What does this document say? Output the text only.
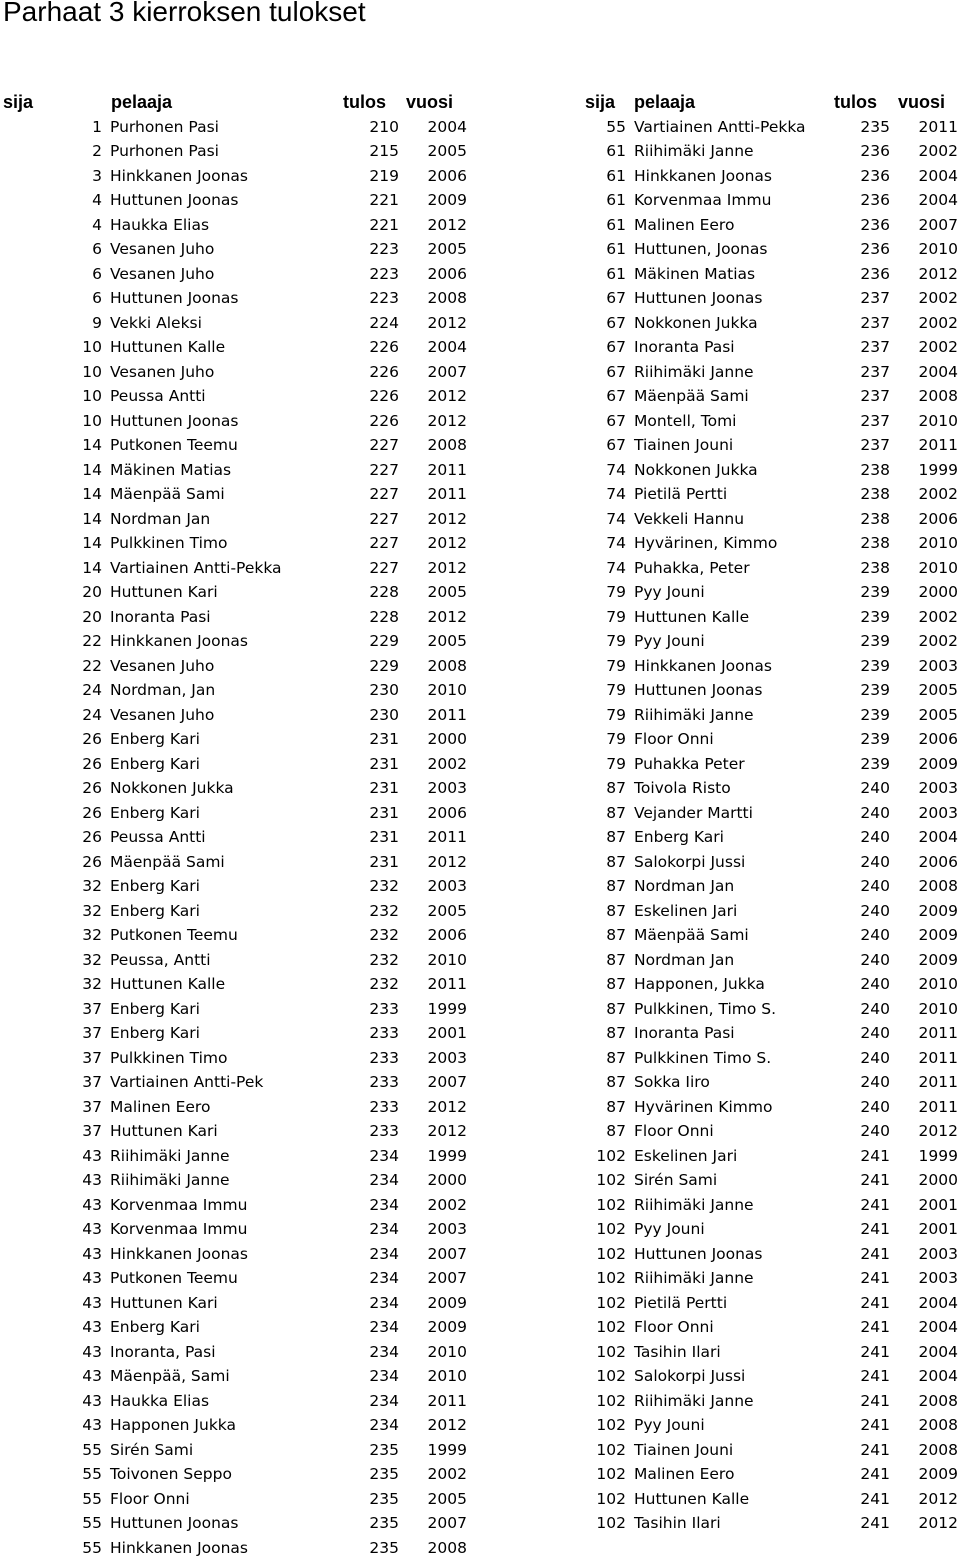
Parhaat 3 kierroksen tulokset
sija	pelaaja	tulos vuosi	sija pelaaja	tulos vuosi
1 Purhonen Pasi	210 2004
2 Purhonen Pasi	215 2005
3 Hinkkanen Joonas	219 2006
4 Huttunen Joonas	221 2009
4 Haukka Elias	221 2012
6 Vesanen Juho	223 2005
6 Vesanen Juho	223 2006
6 Huttunen Joonas	223 2008
9 Vekki Aleksi	224 2012
10 Huttunen Kalle	226 2004
10 Vesanen Juho	226 2007
10 Peussa Antti	226 2012
10 Huttunen Joonas	226 2012
14 Putkonen Teemu	227 2008
14 Mäkinen Matias	227 2011
14 Mäenpää Sami	227 2011
14 Nordman Jan	227 2012
14 Pulkkinen Timo	227 2012
14 Vartiainen Antti-Pekka	227 2012
20 Huttunen Kari	228 2005
20 Inoranta Pasi	228 2012
22 Hinkkanen Joonas	229 2005
22 Vesanen Juho	229 2008
24 Nordman, Jan	230 2010
24 Vesanen Juho	230 2011
26 Enberg Kari	231 2000
26 Enberg Kari	231 2002
26 Nokkonen Jukka	231 2003
26 Enberg Kari	231 2006
26 Peussa Antti	231 2011
26 Mäenpää Sami	231 2012
32 Enberg Kari	232 2003
32 Enberg Kari	232 2005
32 Putkonen Teemu	232 2006
32 Peussa, Antti	232 2010
32 Huttunen Kalle	232 2011
37 Enberg Kari	233 1999
37 Enberg Kari	233 2001
37 Pulkkinen Timo	233 2003
37 Vartiainen Antti-Pek	233 2007
37 Malinen Eero	233 2012
37 Huttunen Kari	233 2012
43 Riihimäki Janne	234 1999
43 Riihimäki Janne	234 2000
43 Korvenmaa Immu	234 2002
43 Korvenmaa Immu	234 2003
43 Hinkkanen Joonas	234 2007
43 Putkonen Teemu	234 2007
43 Huttunen Kari	234 2009
43 Enberg Kari	234 2009
43 Inoranta, Pasi	234 2010
43 Mäenpää, Sami	234 2010
43 Haukka Elias	234 2011
43 Happonen Jukka	234 2012
55 Sirén Sami	235 1999
55 Toivonen Seppo	235 2002
55 Floor Onni	235 2005
55 Huttunen Joonas	235 2007
55 Hinkkanen Joonas	235 2008
55 Vartiainen Antti-Pekka	235 2011
61 Riihimäki Janne	236 2002
61 Hinkkanen Joonas	236 2004
61 Korvenmaa Immu	236 2004
61 Malinen Eero	236 2007
61 Huttunen, Joonas	236 2010
61 Mäkinen Matias	236 2012
67 Huttunen Joonas	237 2002
67 Nokkonen Jukka	237 2002
67 Inoranta Pasi	237 2002
67 Riihimäki Janne	237 2004
67 Mäenpää Sami	237 2008
67 Montell, Tomi	237 2010
67 Tiainen Jouni	237 2011
74 Nokkonen Jukka	238 1999
74 Pietilä Pertti	238 2002
74 Vekkeli Hannu	238 2006
74 Hyvärinen, Kimmo	238 2010
74 Puhakka, Peter	238 2010
79 Pyy Jouni	239 2000
79 Huttunen Kalle	239 2002
79 Pyy Jouni	239 2002
79 Hinkkanen Joonas	239 2003
79 Huttunen Joonas	239 2005
79 Riihimäki Janne	239 2005
79 Floor Onni	239 2006
79 Puhakka Peter	239 2009
87 Toivola Risto	240 2003
87 Vejander Martti	240 2003
87 Enberg Kari	240 2004
87 Salokorpi Jussi	240 2006
87 Nordman Jan	240 2008
87 Eskelinen Jari	240 2009
87 Mäenpää Sami	240 2009
87 Nordman Jan	240 2009
87 Happonen, Jukka	240 2010
87 Pulkkinen, Timo S.	240 2010
87 Inoranta Pasi	240 2011
87 Pulkkinen Timo S.	240 2011
87 Sokka Iiro	240 2011
87 Hyvärinen Kimmo	240 2011
87 Floor Onni	240 2012
102 Eskelinen Jari	241 1999
102 Sirén Sami	241 2000
102 Riihimäki Janne	241 2001
102 Pyy Jouni	241 2001
102 Huttunen Joonas	241 2003
102 Riihimäki Janne	241 2003
102 Pietilä Pertti	241 2004
102 Floor Onni	241 2004
102 Tasihin Ilari	241 2004
102 Salokorpi Jussi	241 2004
102 Riihimäki Janne	241 2008
102 Pyy Jouni	241 2008
102 Tiainen Jouni	241 2008
102 Malinen Eero	241 2009
102 Huttunen Kalle	241 2012
102 Tasihin Ilari	241 2012
